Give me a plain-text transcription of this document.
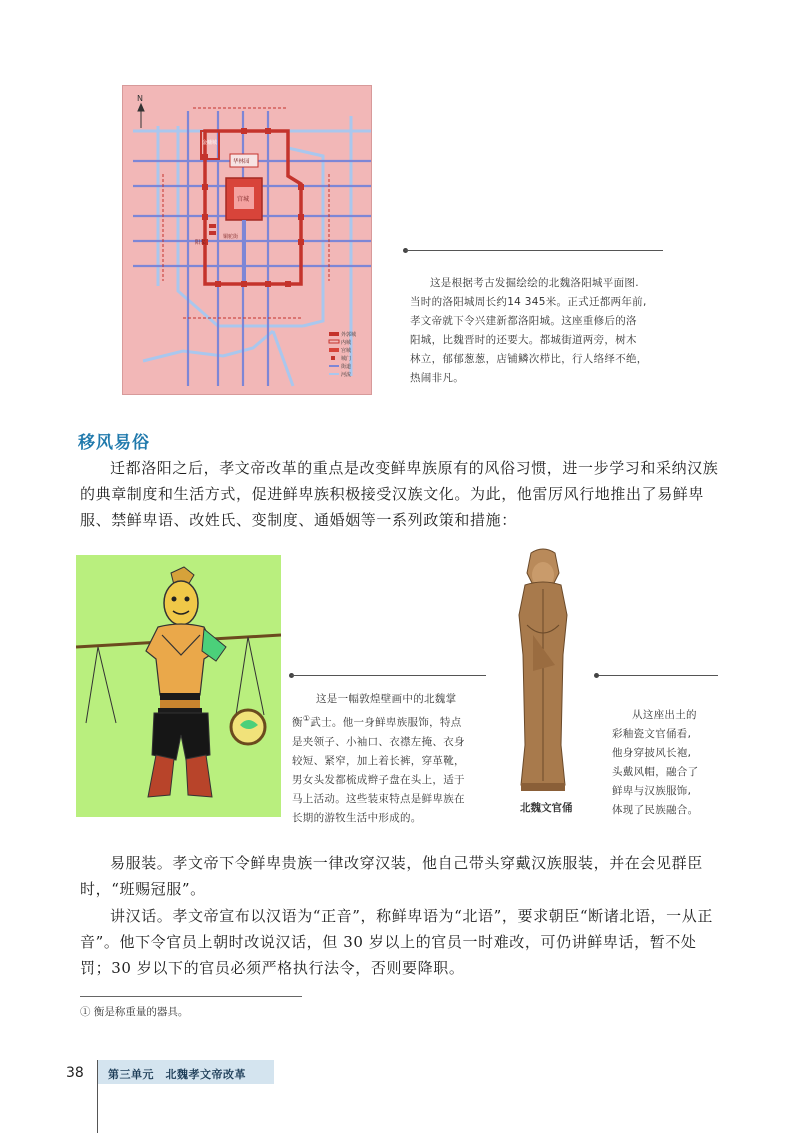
N
金墉城
华林园
宫城
阳渠
铜驼街
外郭城
内城
宫城
城门
街道
河流
这是根据考古发掘绘绘的北魏洛阳城平面图.
当时的洛阳城周长约14 345米。正式迁都两年前,
孝文帝就下令兴建新都洛阳城。这座重修后的洛
阳城，比魏晋时的还要大。都城街道两旁，树木
林立，郁郁葱葱，店铺鳞次栉比，行人络绎不绝，
热闹非凡。
移风易俗
迁都洛阳之后，孝文帝改革的重点是改变鲜卑族原有的风俗习惯，进一步学习和采纳汉族的典章制度和生活方式，促进鲜卑族积极接受汉族文化。为此，他雷厉风行地推出了易鲜卑服、禁鲜卑语、改姓氏、变制度、通婚姻等一系列政策和措施：
这是一幅敦煌壁画中的北魏掌
衡①武士。他一身鲜卑族服饰，特点
是夹领子、小袖口、衣襟左掩、衣身
较短、紧窄，加上着长裤，穿革靴，
男女头发都梳成辫子盘在头上，适于
马上活动。这些装束特点是鲜卑族在
长期的游牧生活中形成的。
北魏文官俑
从这座出土的
彩釉瓷文官俑看,
他身穿披风长袍,
头戴风帽，融合了
鲜卑与汉族服饰,
体现了民族融合。
易服装。孝文帝下令鲜卑贵族一律改穿汉装，他自己带头穿戴汉族服装，并在会见群臣时，“班赐冠服”。
讲汉话。孝文帝宣布以汉语为“正音”，称鲜卑语为“北语”，要求朝臣“断诸北语，一从正音”。他下令官员上朝时改说汉话，但 30 岁以上的官员一时难改，可仍讲鲜卑话，暂不处罚；30 岁以下的官员必须严格执行法令，否则要降职。
① 衡是称重量的器具。
38 第三单元　北魏孝文帝改革
